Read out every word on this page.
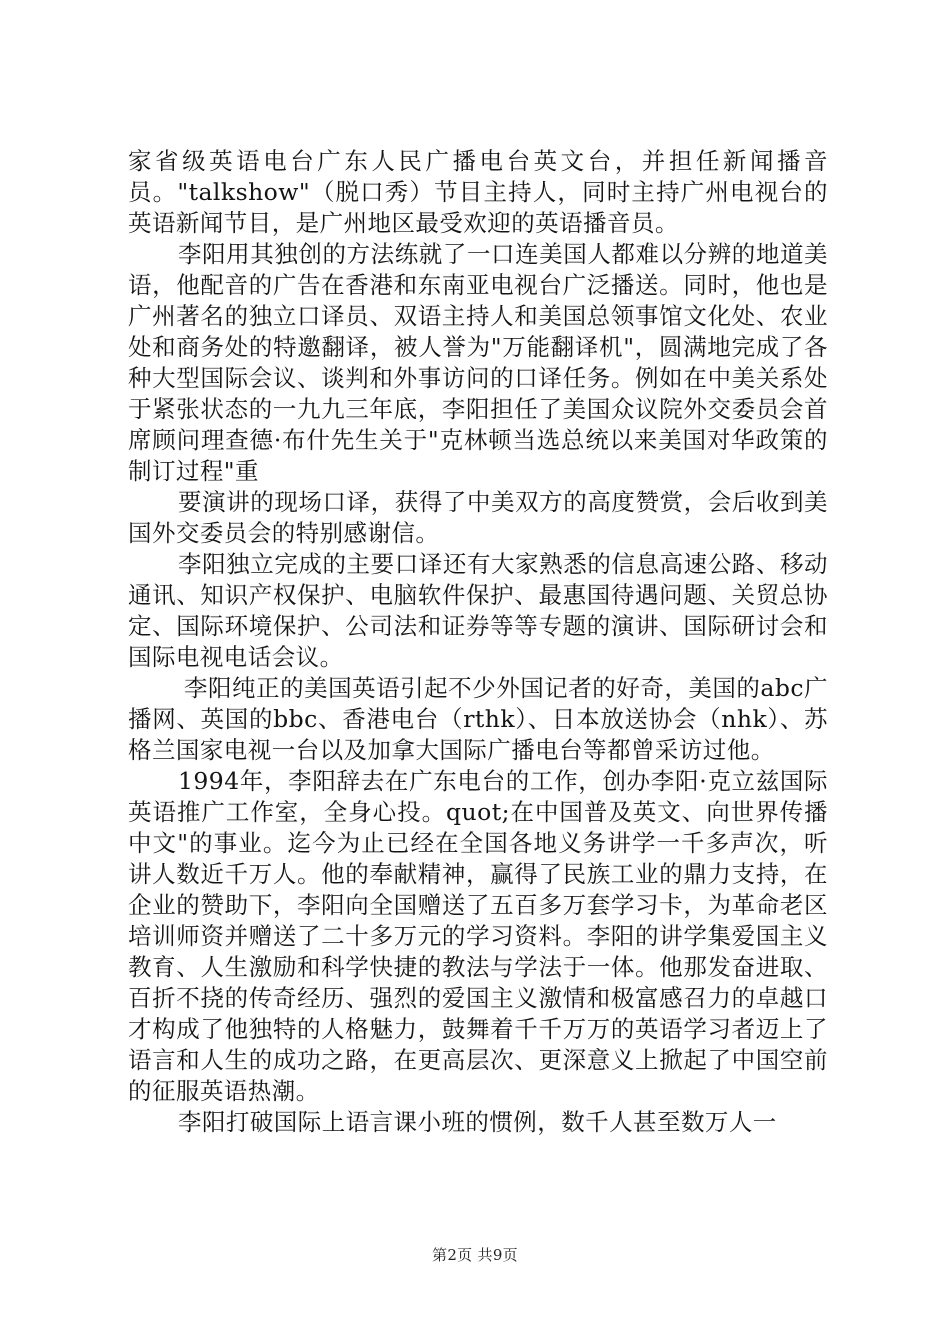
家省级英语电台广东人民广播电台英文台，并担任新闻播音员。"talkshow"（脱口秀）节目主持人，同时主持广州电视台的英语新闻节目，是广州地区最受欢迎的英语播音员。

李阳用其独创的方法练就了一口连美国人都难以分辨的地道美语，他配音的广告在香港和东南亚电视台广泛播送。同时，他也是广州著名的独立口译员、双语主持人和美国总领事馆文化处、农业处和商务处的特邀翻译，被人誉为"万能翻译机"，圆满地完成了各种大型国际会议、谈判和外事访问的口译任务。例如在中美关系处于紧张状态的一九九三年底，李阳担任了美国众议院外交委员会首席顾问理查德·布什先生关于"克林顿当选总统以来美国对华政策的制订过程"重

要演讲的现场口译，获得了中美双方的高度赞赏，会后收到美国外交委员会的特别感谢信。

李阳独立完成的主要口译还有大家熟悉的信息高速公路、移动通讯、知识产权保护、电脑软件保护、最惠国待遇问题、关贸总协定、国际环境保护、公司法和证券等等专题的演讲、国际研讨会和国际电视电话会议。

李阳纯正的美国英语引起不少外国记者的好奇，美国的abc广播网、英国的bbc、香港电台（rthk）、日本放送协会（nhk）、苏格兰国家电视一台以及加拿大国际广播电台等都曾采访过他。

1994年，李阳辞去在广东电台的工作，创办李阳·克立兹国际英语推广工作室，全身心投。quot;在中国普及英文、向世界传播中文"的事业。迄今为止已经在全国各地义务讲学一千多声次，听讲人数近千万人。他的奉献精神，赢得了民族工业的鼎力支持，在企业的赞助下，李阳向全国赠送了五百多万套学习卡，为革命老区培训师资并赠送了二十多万元的学习资料。李阳的讲学集爱国主义教育、人生激励和科学快捷的教法与学法于一体。他那发奋进取、百折不挠的传奇经历、强烈的爱国主义激情和极富感召力的卓越口才构成了他独特的人格魅力，鼓舞着千千万万的英语学习者迈上了语言和人生的成功之路，在更高层次、更深意义上掀起了中国空前的征服英语热潮。

李阳打破国际上语言课小班的惯例，数千人甚至数万人一

第2页 共9页
